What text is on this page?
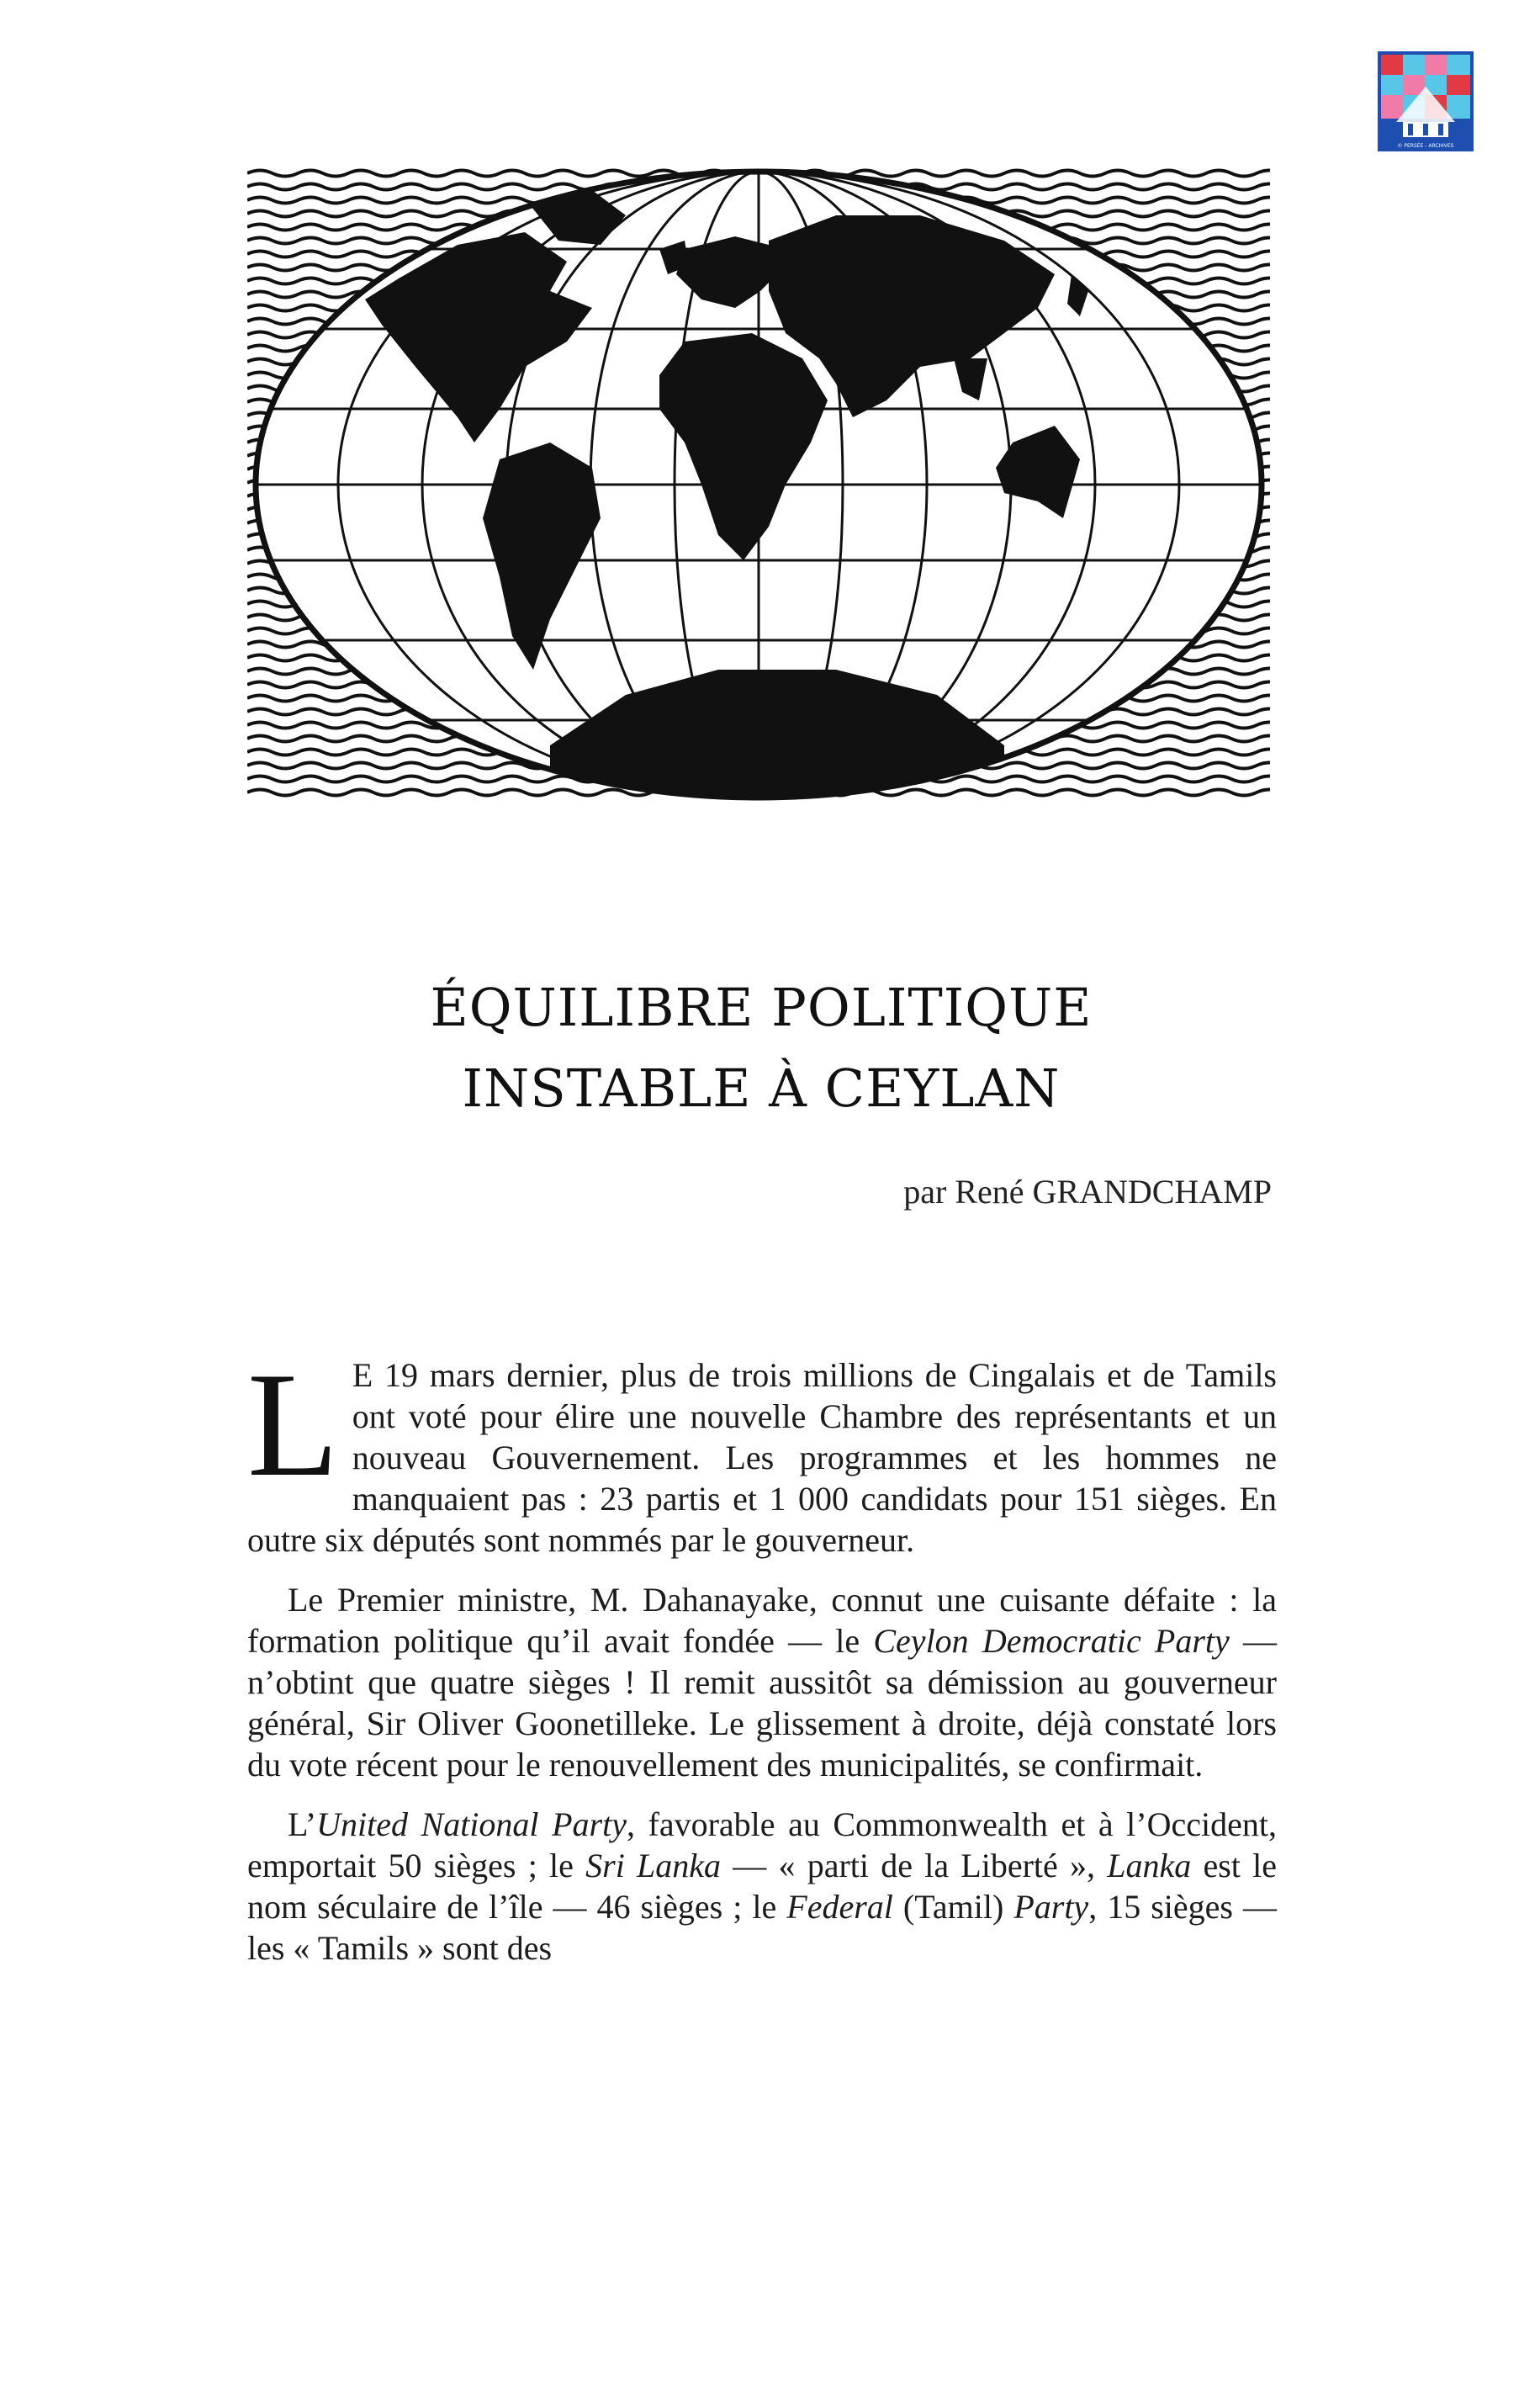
© PERSÉE - ARCHIVES
ÉQUILIBRE POLITIQUE
INSTABLE À CEYLAN
par René GRANDCHAMP

L E 19 mars dernier, plus de trois millions de Cingalais et de Tamils ont voté pour élire une nouvelle Chambre des représentants et un nouveau Gouvernement. Les programmes et les hommes ne manquaient pas : 23 partis et 1 000 candidats pour 151 sièges. En outre six députés sont nommés par le gouverneur.

Le Premier ministre, M. Dahanayake, connut une cuisante défaite : la formation politique qu’il avait fondée — le Ceylon Democratic Party — n’obtint que quatre sièges ! Il remit aussitôt sa démission au gouverneur général, Sir Oliver Goonetilleke. Le glissement à droite, déjà constaté lors du vote récent pour le renouvellement des municipalités, se confirmait.

L’United National Party, favorable au Commonwealth et à l’Occident, emportait 50 sièges ; le Sri Lanka — « parti de la Liberté », Lanka est le nom séculaire de l’île — 46 sièges ; le Federal (Tamil) Party, 15 sièges — les « Tamils » sont des
